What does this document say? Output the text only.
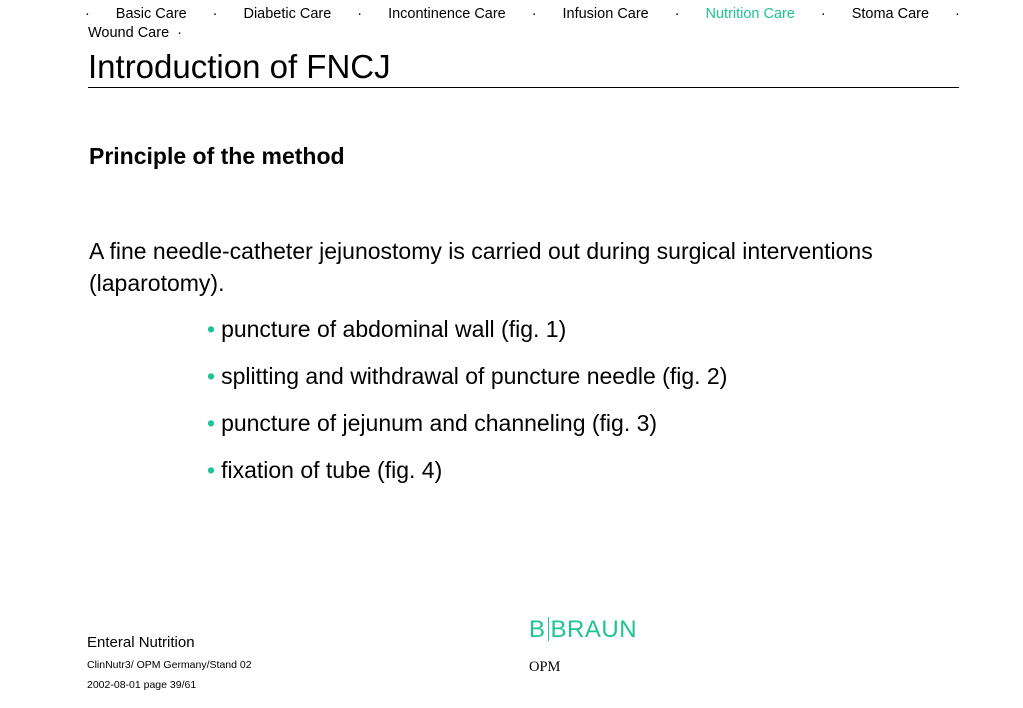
· Basic Care · Diabetic Care · Incontinence Care · Infusion Care · Nutrition Care · Stoma Care ·
Wound Care ·
Introduction of FNCJ
Principle of the method

A fine needle-catheter jejunostomy is carried out during surgical interventions (laparotomy).

• puncture of abdominal wall (fig. 1)
• splitting and withdrawal of puncture needle (fig. 2)
• puncture of jejunum and channeling (fig. 3)
• fixation of tube (fig. 4)
Enteral Nutrition
ClinNutr3/ OPM Germany/Stand 02
2002-08-01 page 39/61
B BRAUN
OPM
